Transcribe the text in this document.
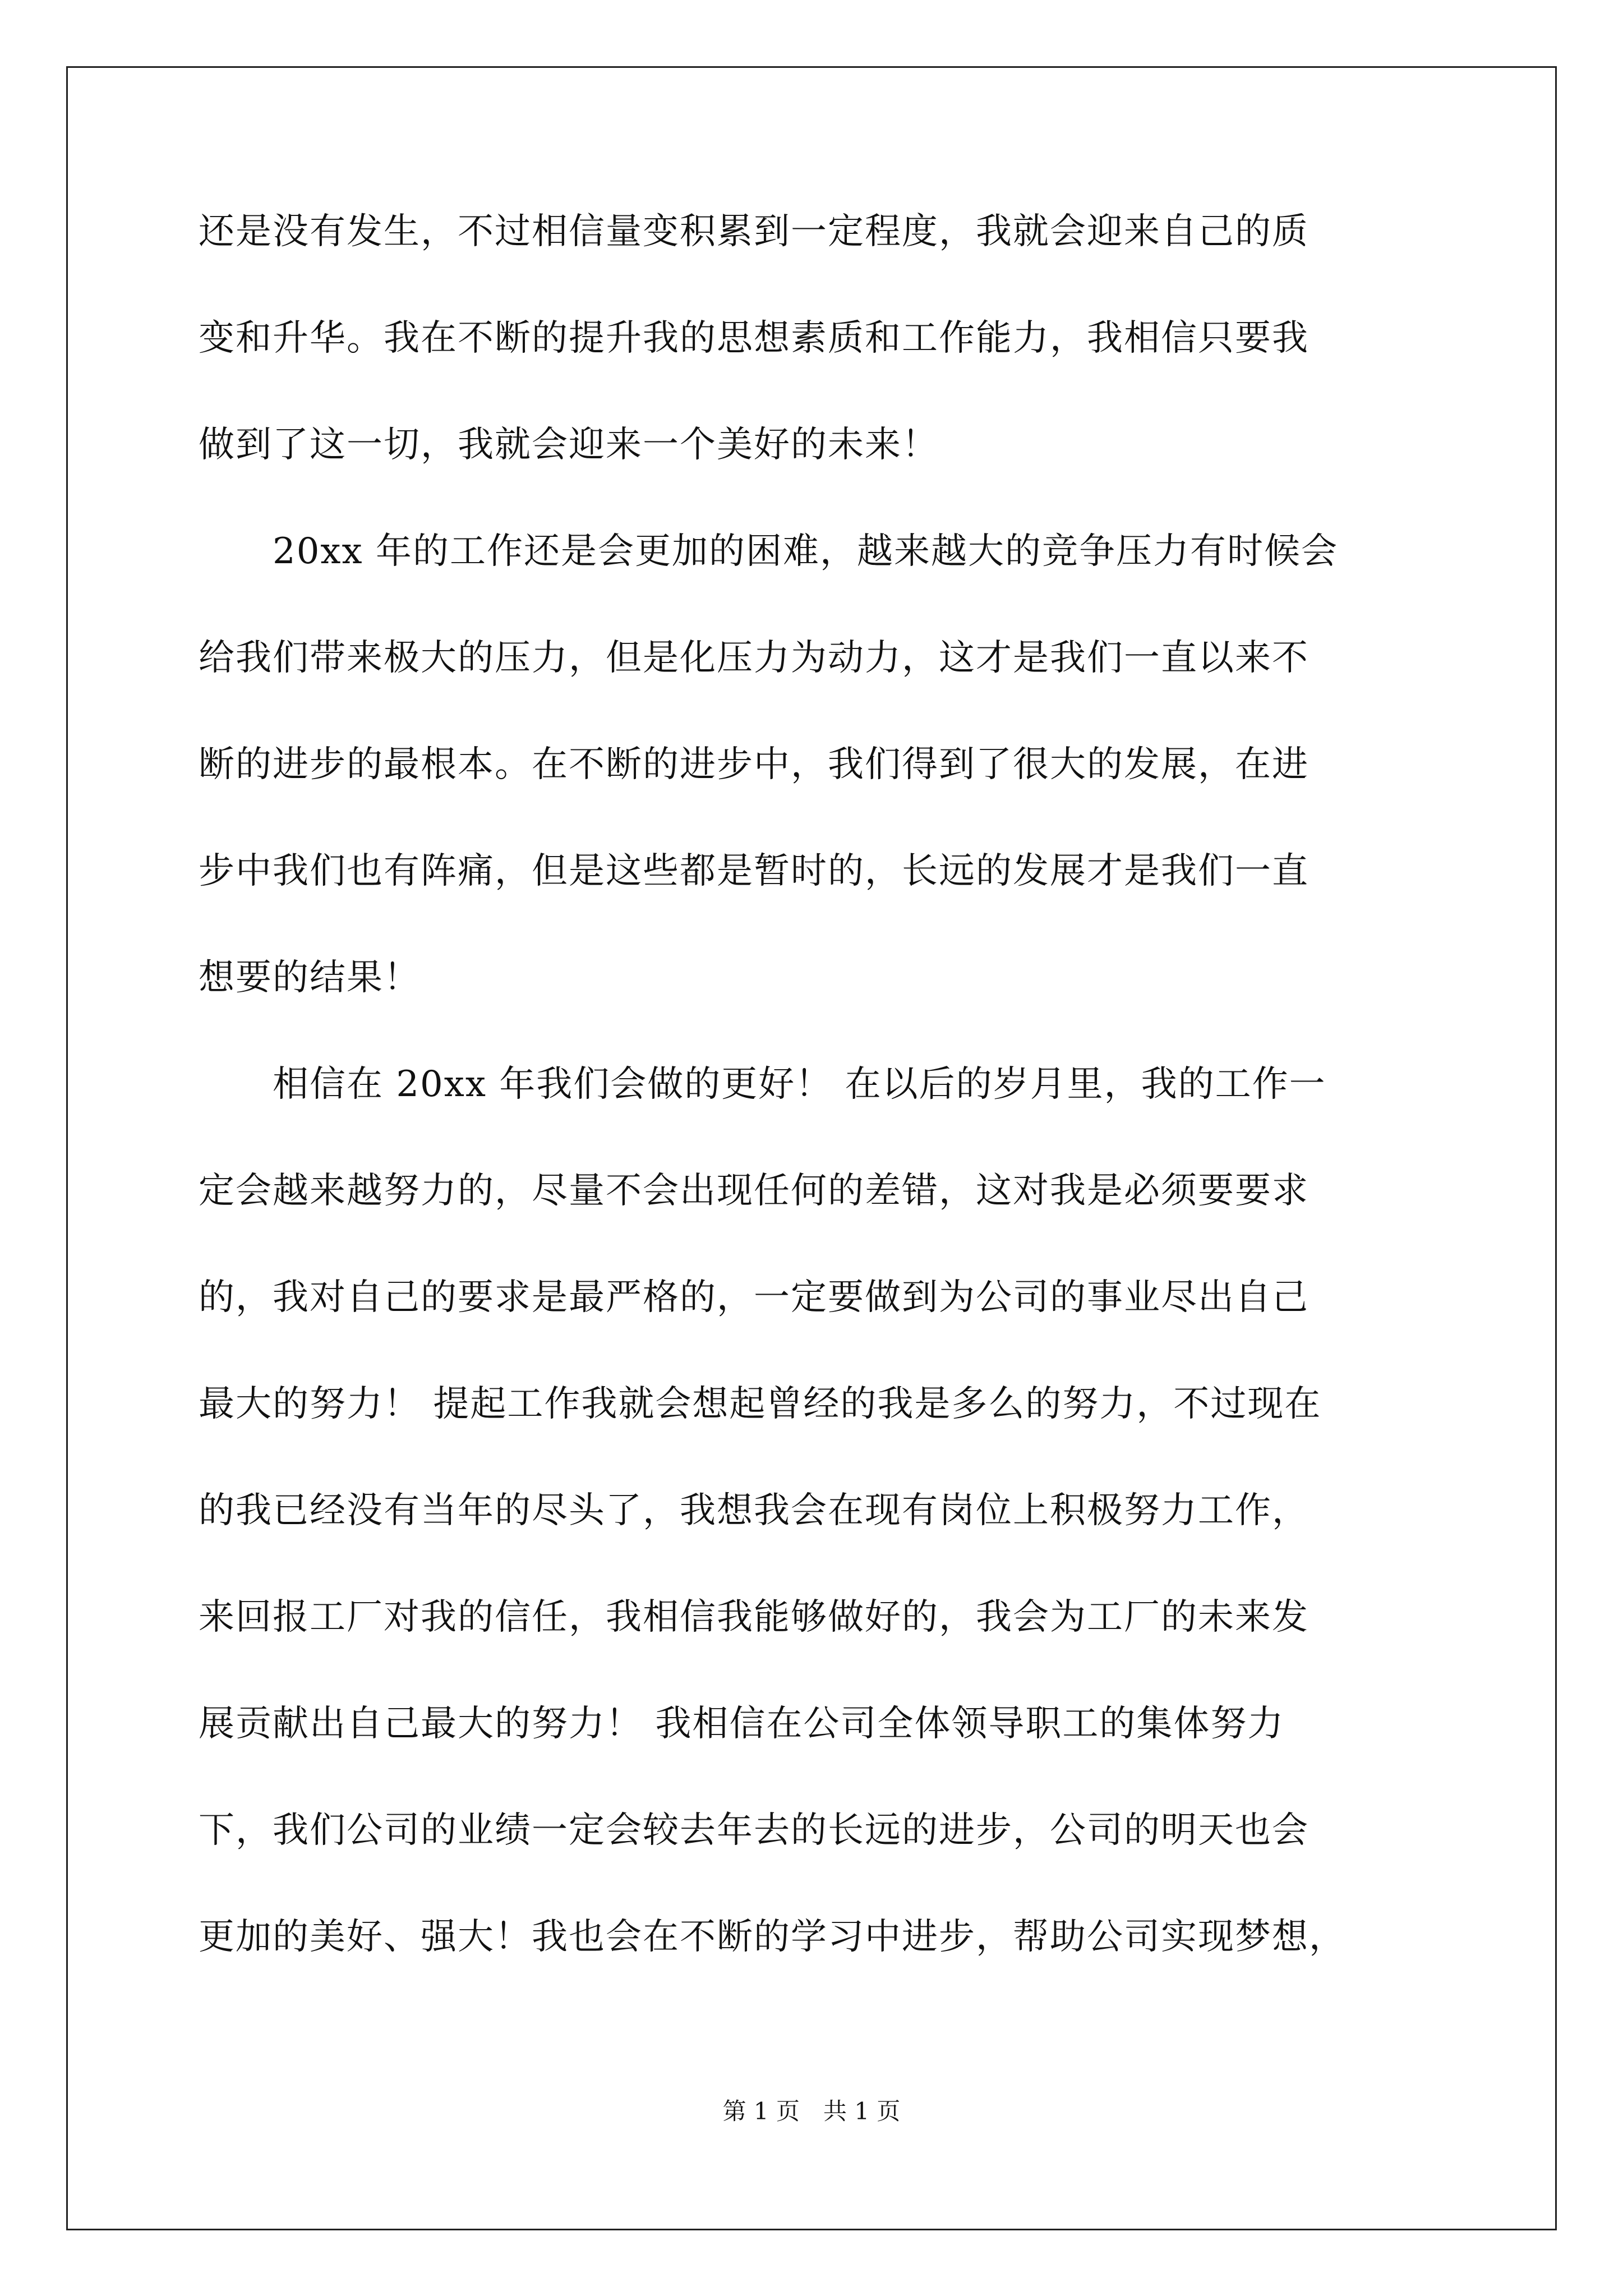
还是没有发生，不过相信量变积累到一定程度，我就会迎来自己的质
变和升华。我在不断的提升我的思想素质和工作能力，我相信只要我
做到了这一切，我就会迎来一个美好的未来！
　　20xx 年的工作还是会更加的困难，越来越大的竞争压力有时候会
给我们带来极大的压力，但是化压力为动力，这才是我们一直以来不
断的进步的最根本。在不断的进步中，我们得到了很大的发展，在进
步中我们也有阵痛，但是这些都是暂时的，长远的发展才是我们一直
想要的结果！
　　相信在 20xx 年我们会做的更好！ 在以后的岁月里，我的工作一
定会越来越努力的，尽量不会出现任何的差错，这对我是必须要要求
的，我对自己的要求是最严格的，一定要做到为公司的事业尽出自己
最大的努力！ 提起工作我就会想起曾经的我是多么的努力，不过现在
的我已经没有当年的尽头了，我想我会在现有岗位上积极努力工作，
来回报工厂对我的信任，我相信我能够做好的，我会为工厂的未来发
展贡献出自己最大的努力！ 我相信在公司全体领导职工的集体努力
下，我们公司的业绩一定会较去年去的长远的进步，公司的明天也会
更加的美好、强大！我也会在不断的学习中进步，帮助公司实现梦想，
第 1 页　共 1 页
